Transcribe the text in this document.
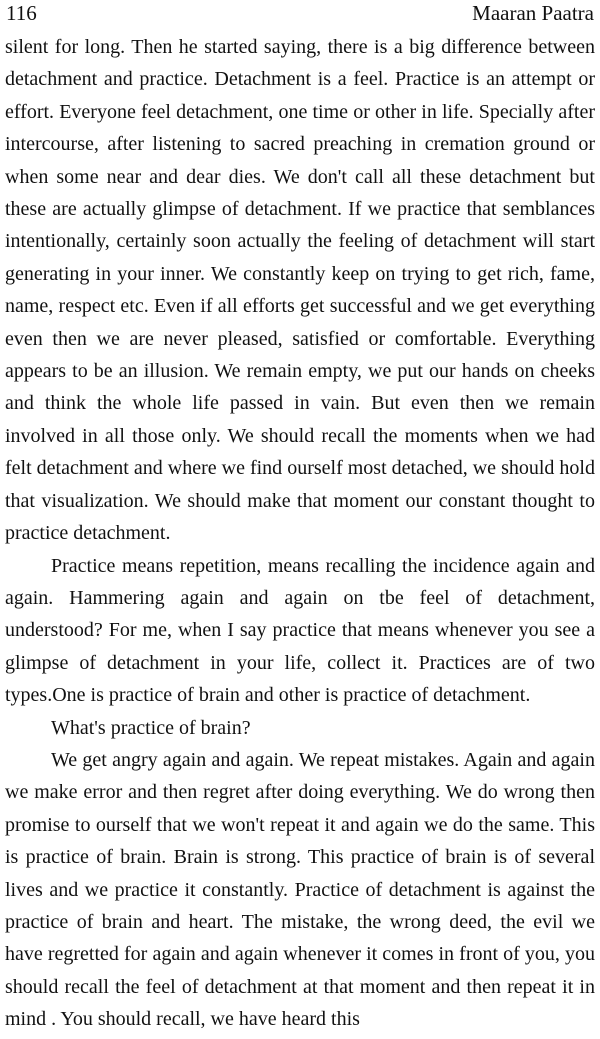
116	Maaran Paatra

silent for long. Then he started saying, there is a big difference between detachment and practice. Detachment is a feel. Practice is an attempt or effort. Everyone feel detachment, one time or other in life. Specially after intercourse, after listening to sacred preaching in cremation ground or when some near and dear dies. We don't call all these detachment but these are actually glimpse of detachment. If we practice that semblances intentionally, certainly soon actually the feeling of detachment will start generating in your inner. We constantly keep on trying to get rich, fame, name, respect etc. Even if all efforts get successful and we get everything even then we are never pleased, satisfied or comfortable. Everything appears to be an illusion. We remain empty, we put our hands on cheeks and think the whole life passed in vain. But even then we remain involved in all those only. We should recall the moments when we had felt detachment and where we find ourself most detached, we should hold that visualization. We should make that moment our constant thought to practice detachment.

Practice means repetition, means recalling the incidence again and again. Hammering again and again on tbe feel of detachment, understood? For me, when I say practice that means whenever you see a glimpse of detachment in your life, collect it. Practices are of two types.One is practice of brain and other is practice of detachment.

What's practice of brain?

We get angry again and again. We repeat mistakes. Again and again we make error and then regret after doing everything. We do wrong then promise to ourself that we won't repeat it and again we do the same. This is practice of brain. Brain is strong. This practice of brain is of several lives and we practice it constantly. Practice of detachment is against the practice of brain and heart. The mistake, the wrong deed, the evil we have regretted for again and again whenever it comes in front of you, you should recall the feel of detachment at that moment and then repeat it in mind . You should recall, we have heard this
